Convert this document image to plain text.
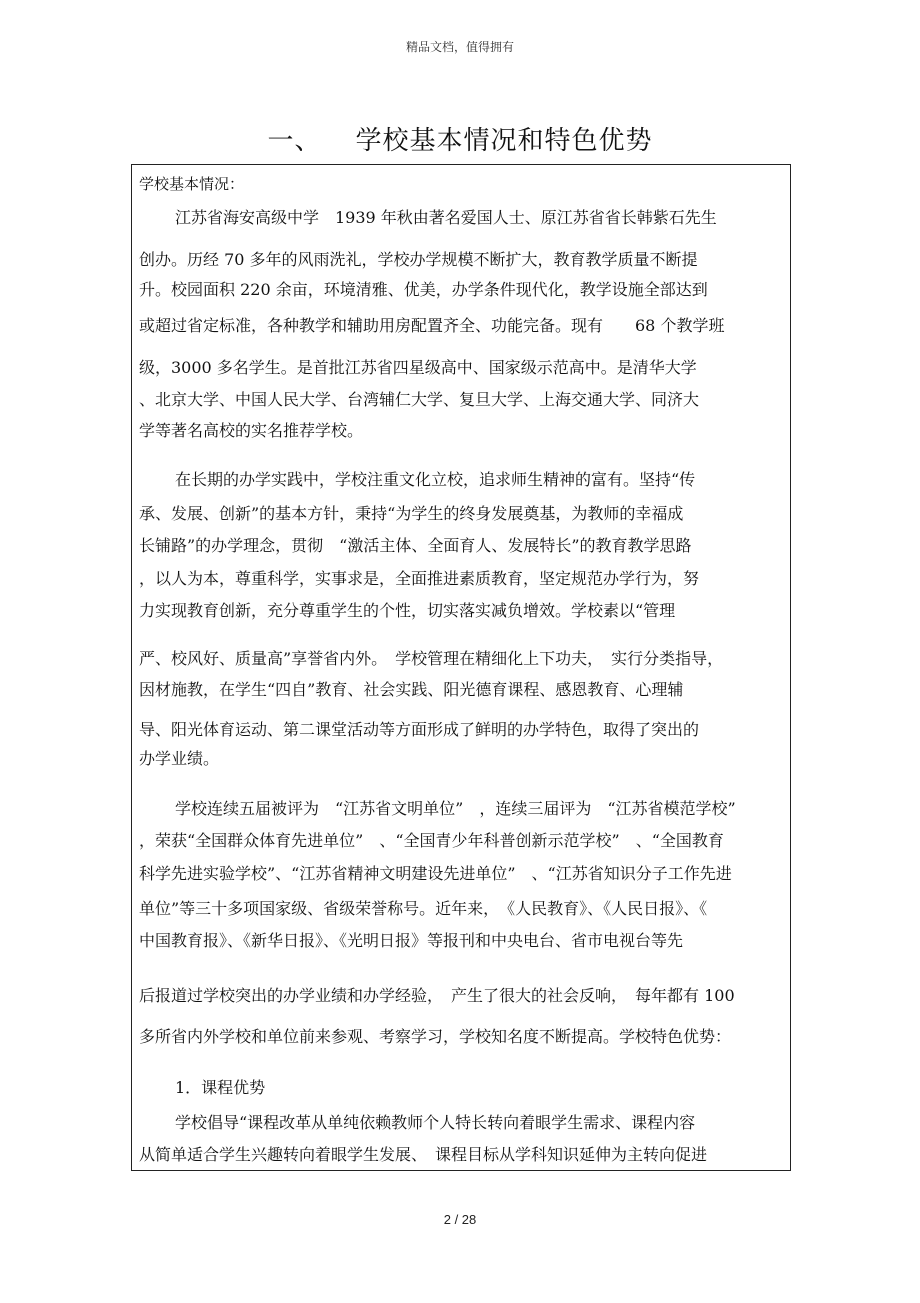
精品文档，值得拥有
一、 学校基本情况和特色优势
学校基本情况：
江苏省海安高级中学　1939 年秋由著名爱国人士、原江苏省省长韩紫石先生
创办。历经 70 多年的风雨洗礼，学校办学规模不断扩大，教育教学质量不断提
升。校园面积 220 余亩，环境清雅、优美，办学条件现代化，教学设施全部达到
或超过省定标准，各种教学和辅助用房配置齐全、功能完备。现有　　68 个教学班
级，3000 多名学生。是首批江苏省四星级高中、国家级示范高中。是清华大学
、北京大学、中国人民大学、台湾辅仁大学、复旦大学、上海交通大学、同济大
学等著名高校的实名推荐学校。
在长期的办学实践中，学校注重文化立校，追求师生精神的富有。坚持“传
承、发展、创新”的基本方针，秉持“为学生的终身发展奠基，为教师的幸福成
长铺路”的办学理念，贯彻　“激活主体、全面育人、发展特长”的教育教学思路
，以人为本，尊重科学，实事求是，全面推进素质教育，坚定规范办学行为，努
力实现教育创新，充分尊重学生的个性，切实落实减负增效。学校素以“管理
严、校风好、质量高”享誉省内外。　学校管理在精细化上下功夫，　实行分类指导，
因材施教，在学生“四自”教育、社会实践、阳光德育课程、感恩教育、心理辅
导、阳光体育运动、第二课堂活动等方面形成了鲜明的办学特色，取得了突出的
办学业绩。
学校连续五届被评为　“江苏省文明单位”　，连续三届评为　“江苏省模范学校”
，荣获“全国群众体育先进单位”　、“全国青少年科普创新示范学校”　、“全国教育
科学先进实验学校”、“江苏省精神文明建设先进单位”　、“江苏省知识分子工作先进
单位”等三十多项国家级、省级荣誉称号。近年来，　《人民教育》、《人民日报》、《
中国教育报》、《新华日报》、《光明日报》等报刊和中央电台、省市电视台等先
后报道过学校突出的办学业绩和办学经验，　产生了很大的社会反响，　每年都有 100
多所省内外学校和单位前来参观、考察学习，学校知名度不断提高。学校特色优势：
1．课程优势
学校倡导“课程改革从单纯依赖教师个人特长转向着眼学生需求、课程内容
从简单适合学生兴趣转向着眼学生发展、　课程目标从学科知识延伸为主转向促进
2 / 28
